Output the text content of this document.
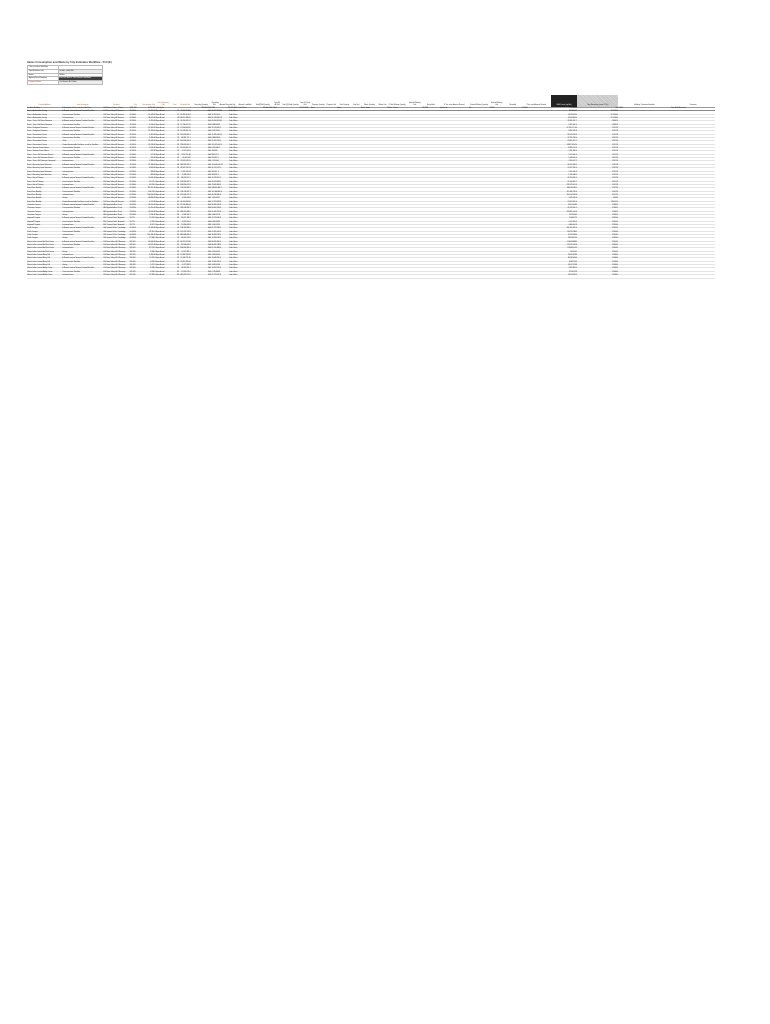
Hazus Consumption and Waste by City Estimates Workflow - Poll (E)
Click to resize Workflow	
Specifications only	Jiu adt - sumi Erik
Name	Willow
Agency/Firm/Company	Fin Pack Hazus: Pile Hamner Stall Area
Program Name	Cre Heure: Arr Dzhlar
Division Address	Item Description	Facilities	City	Consumption Unit	Price Reporting Unit	Total	Recycled Unit	Recycling Quantity	Recycling Unit	Amount Recycled (kg)	Amount Landfilled	Total(P) All Quantity	Total (K) All Unit	Total (G) Fluid Quantity	Total (T) Fluid Unit	Program Quantity	Program Unit	Fuel Quantity	Fuel Unit	Waste Quantity	Waste Unit	If Total Waiting Quantity	Entered Waiting Unit	Recyclable	If Yes, enter Amount Reused	Entered Waiting Quantity	Entered Waiting Unit	Reusable	If Yes, total Amount Reused	GHG Factor (kg/Unit)	Total Emissions (tonne CO2e)	Building / Operation Identifier	Comment
Facilities Building	A description of the costs described here	1505 Hazus Street - Clinton	0231-356	41150.908	Quantity A		1	225,050.0000	kWh	225,060.0000	Cubic Meter	225,060.0000	Cubic		72,000.0526	Area		Area		Metric Tonne		500 La - Tonne		97,0000	Light leval	No	10000		47,0000	US Gallon	No	10000	Total GHG Emissions
Basin - Ambassador County	A Remote various Nausea Provided Facilities	109 Buzz Valley Hill Vermont	62,908.4	15,452.18	Epos Actual	18	25,905.64 869	kWh	28,152.63 400	Cubic Meter																				98,284,802	22.3 3866		
Basin - Ambassador County	Cross-sectional Facilities	109 Buzz Valley Hill Vermont	62,908.4	16,345.86	Epos Actual	13	32,452.80 407	kWh	32,763.60 5	Cubic Meter																				93,295,4824	22.3 3866		
Basin - Ambassador County	Lakewood area	109 Buzz Valley Hill Vermont	62,908.4	38,870.38	Epos Actual	18	109,612,380 00	kWh	81,078,836 19	Cubic Meter																				93,095,4824	22.3 3866		
Basin - Tusia, Old Rivers Nazarene	A Remote various Nausea Provided Facilities	109 Buzz Valley Hill Vermont	62,908.4	9,499.48	Epos Actual	16	26,154,922 07	kWh	28,434,813 04	Cubic Meter																				28,811,492 7	28,6823		
Basin - Tusia, Old Rivers Nazarene	Cross-sectional Facilities	109 Buzz Valley Hill Vermont	62,908.4	6,234.06	Epos Actual	18	17,736,427 16	kWh	8,888,680 8	Cubic Meter																				8,161,460 4	28,6823		
Basin - Prodigious Nazarene	A Remote various Nausea Provided Facilities	109 Buzz Valley Hill Vermont	62,908.4	13,092.89	Epos Actual	18	17,658,604 95	kWh	11,513,098 2	Cubic Meter																				22,299,177 00	22,6728		
Basin - Prodigious Nazarene	Cross-sectional Facilities	109 Buzz Valley Hill Vermont	62,908.4	12,394.06	Epos Actual	18	29,245,805 13	kWh	3,905,994 0	Cubic Meter																				9,851,935 8	22,6728		
Basin - Recreational Centre	A Remote various Nausea Provided Facilities	109 Buzz Valley Hill Vermont	62,908.4	9,499.48	Epos Actual	18	199,639,804 1	kWh	71,385,048 52	Cubic Meter																				56,225,234 3	22,6728		
Basin - Recreational Centre	Cross-sectional Facilities	109 Buzz Valley Hill Vermont	62,908.4	3,498.48	Epos Actual	18	98,885,771 1	kWh	8,888,680 8	Cubic Meter																				22,295,218 0	22,6728		
Basin - Recreational Centre	Other	109 Buzz Valley Hill Vermont	62,908.4	69,584.48	Epos Actual	38	163,699,098 9	kWh	91,872,928 0	Cubic Meter																				79,891,261 7	22,6728		
Basin - Recreational Centre	Product Accountable Facilities, as well as Facilities	109 Buzz Valley Hill Vermont	62,908.4	13,938.48	Epos Actual	38	298,630,990 1	kWh	112,470,043 0	Cubic Meter																				388,179,1424	22,6728		
Basin - Summer Power House	Cross-sectional Facilities	109 Buzz Valley Hill Vermont	62,908.4	5,096.48	Epos Actual	37	37,629,809 12	kWh	8,315,680 9	Cubic Meter																				13,899,112 4	22,6728		
Basin - Summer Power House	Cross-sectional Facilities	109 Buzz Valley Hill Vermont	62,908.4	897.88	Epos Actual	18	9,571,623 8	kWh	798,096	Cubic Meter																				2,751,998 3	22,6728		
Basin - Tusia, Old Protestant Service	A Remote various Nausea Provided Facilities	109 Buzz Valley Hill Vermont	62,908.4	577.88	Epos Actual	18	7,857,220 88	kWh	868,072 1	Cubic Meter																				1,257,000 9	22,6728		
Basin - Tusia, Old Protestant Service	Cross-sectional Facilities	109 Buzz Valley Hill Vermont	62,908.4	299.88	Epos Actual	18	96,009,902	kWh	260,892 1	Cubic Meter																				1,440,015 0	22,6728		
Basin - Tusia, Old Protestant Lakewood	Lakewood area	109 Buzz Valley Hill Vermont	62,908.4	2,386.84	Epos Actual	18	27,629,978 19	kWh	2,213,690	Cubic Meter																				1,359,017 2	22,6728		
Basin - Macauley, Lyme Nazarene	A Remote various Nausea Provided Facilities	109 Buzz Valley Hill Vermont	62,908.4	97,188.48	Epos Actual	38	883,953,376 3	kWh	119,645,040 28	Cubic Meter																				35,415,948 9	22,6728		
Basin - Macauley, Lyme Nazarene	Cross-sectional Facilities	109 Buzz Valley Hill Vermont	62,908.4	8,689.48	Epos Actual	38	33,627,976 13	kWh	31,147,097 4	Cubic Meter																				24,117,760 4	22,6728		
Basin - Macauley, Lyme Nazarene	Lakewood area	109 Buzz Valley Hill Vermont	62,908.4	389.88	Epos Actual	17	7,937,939 18	kWh	309,117 4	Cubic Meter																				2,151,960 3	22,6728		
Basin - Macauley, Lyme Nazarene	Library	109 Buzz Valley Hill Vermont	62,908.4	899.88	Epos Actual	18	5,568,999 6	kWh	368,876 1	Cubic Meter																				1,299,048 2	22,6728		
Basin - Bay of Peloney	A Remote various Nausea Provided Facilities	109 Buzz Valley Hill Vermont	62,908.4	10,096.48	Epos Actual	38	98,679,912 1	kWh	11,278,691 5	Cubic Meter																				32,294,940 5	22,6728		
Basin - Bay of Peloney	Cross-sectional Facilities	109 Buzz Valley Hill Vermont	62,908.4	51,176.4	Epos Actual	18	168,285,667 3	kWh	58,013,808 5	Cubic Meter																				21,026,452 1	22,6728		
Basin - Bay of Peloney	Lakewood area	109 Buzz Valley Hill Vermont	62,908.4	69,226.8	Epos Actual	38	188,826,075 6	kWh	73,009,868 3	Cubic Meter																				232,975,091 9	22,6728		
Basin River Monthly	A Remote various Nausea Provided Facilities	109 Buzz Valley Hill Vermont	62,908.4	118,374.48	Epos Actual	38	118,003,985 4	kWh	338,600,866 1	Cubic Meter																				880,194,9812	22,6728		
Basin River Monthly	Cross-sectional Facilities	109 Buzz Valley Hill Vermont	62,908.4	108,709.8	Epos Actual	18	118,703,687 3	kWh	119,168,860 8	Cubic Meter																				112,989,178 6	22,6728		
Basin River Monthly	Lakewood area	109 Buzz Valley Hill Vermont	62,908.4	136,958.48	Epos Actual	38	189,003,072 4	kWh	49,738,860 0	Cubic Meter																				116,914,918 8	22,6728		
Basin River Monthly	Library	109 Buzz Valley Hill Vermont	62,908.4	48,888.48	Epos Actual	18	3,958,008 6	kWh	1,629,963 7	Cubic Meter																				3,145,049 8	2,8983		
Basin River Monthly	Product Accountable Facilities, as well as Facilities	109 Buzz Valley Hill Vermont	62,908.4	4,270.48	Epos Actual	38	30,990,834 08	kWh	12,923,893 8	Cubic Meter																				70,959,810 6	380,5524		
Clearview Campus	A Remote various Nausea Provided Facilities	880 Hyperbola Ave / Scott	58,958.4	24,009.46	Epos Actual	38	97,936,380 09	kWh	36,489,090 8	Cubic Meter																				34,917,4489	22,8829		
Clearview Campus	Cross-sectional Facilities	880 Hyperbola Ave / Scott	58,958.4	10,216.48	Epos Actual	38	188,903,898 1	kWh	80,409,096 8	Cubic Meter																				49,159,090 5	22,8829		
Clearview Campus	Lakewood area	880 Hyperbola Ave / Scott	58,958.4	29,908.48	Epos Actual	38	888,019,888 0	kWh	99,432,576 8	Cubic Meter																				100,891,414 6	22,8829		
Clearview Campus	Library	880 Hyperbola Ave / Scott	58,958.4	2,246.48	Epos Actual	38	5,989,908 7	kWh	3,480,027 6	Cubic Meter																				1,979,9649	22,8829		
Hopewell Campus	A Remote various Nausea Provided Facilities	800 Thomas Road / Hopewell	58,779	17,022.8	Epos Actual	38	33,872,788 7	kWh	12,373,080 8	Cubic Meter																				2,098,4722	22,8346		
Hopewell Campus	Cross-sectional Facilities	800 Thomas Road / Hopewell	58,779	2,399.8	Epos Actual	38	9,879,090 6	kWh	8,850,088 6	Cubic Meter																				1,227,483 0	22,8346		
Hopewell Campus	Lakewood area	800 Thomas Road / Hopewell	58,779	6,517.8	Epos Actual	38	21,898,098 8	kWh	1,956,933 4	Cubic Meter																				4,486,094 8	22,8346		
South Campus	A Remote various Nausea Provided Facilities	900 Summit St Ste, Cambridge	60,908.4	99,344.48	Epos Actual	18	158,081,886 4	kWh	65,722,088 5	Cubic Meter																				104,121,629 6	22,8346		
South Campus	Cross-sectional Facilities	900 Summit St Ste, Cambridge	60,908.4	89,112.8	Epos Actual	18	191,767,942 8	kWh	45,929,044 0	Cubic Meter																				133,767,9845	22,8346		
South Campus	Lakewood area	900 Summit St Ste, Cambridge	60,908.4	146,788.48	Epos Actual	38	889,688,889 4	kWh	36,683,789 4	Cubic Meter																				97,297,4890	22,8346		
South Campus	Library	900 Summit St Ste, Cambridge	60,908.4	27,588.8	Epos Actual	18	39,610,274 0	kWh	13,930,908 4	Cubic Meter																				38,136,0223	22,8346		
Martin Luther Lecture/Hall Kirk Center	A Remote various Nausea Provided Facilities	109 Buzz Valley Hill / Marzerey	582,081	66,082.48	Epos Actual	38	66,219,972 86	kWh	88,925,890 4	Cubic Meter																				116,350,8882	22,8469		
Martin Luther Lecture/Hall Kirk Center	Cross-sectional Facilities	109 Buzz Valley Hill / Marzerey	582,081	49,971.48	Epos Actual	38	89,908,068 2	kWh	88,445,788 8	Cubic Meter																				125,767,4418	22,8469		
Martin Luther Lecture/Hall Kirk Center	Lakewood area	109 Buzz Valley Hill / Marzerey	582,081	87,176.8	Epos Actual	38	188,694,889 4	kWh	62,210,888 4	Cubic Meter																				116,489,1493	22,8469		
Martin Luther Lecture/Hall Kirk Center	Library	109 Buzz Valley Hill / Marzerey	582,081	2,966.8	Epos Actual	38	11,577,886 7	kWh	4,944,099 6	Cubic Meter																				765,2909	22,8469		
Martin Luther Lecture/Mercy Hill	Lakewood area	109 Buzz Valley Hill / Marzerey	582,081	3,498.48	Epos Actual	38	12,868,378 66	kWh	3,989,806 6	Cubic Meter																				99,091,8188	22,6869		
Martin Luther Lecture/Mercy Hill	A Remote various Nausea Provided Facilities	109 Buzz Valley Hill / Marzerey	582,081	11,022.8	Epos Actual	38	11,588,779 82	kWh	11,088,876 0	Cubic Meter																				89,987,6466	22,6869		
Martin Luther Lecture/Mercy Hill	Cross-sectional Facilities	109 Buzz Valley Hill / Marzerey	582,081	5,996.8	Epos Actual	38	29,819,782 66	kWh	17,089,920 0	Cubic Meter																				8,062,7999	22,6869		
Martin Luther Lecture/Mercy Hill	Library	109 Buzz Valley Hill / Marzerey	582,081	1,227.8	Epos Actual	38	9,277,888 3	kWh	3,082,098 6	Cubic Meter																				28,157,7188	22,6869		
Martin Luther Lecture/Ability Centre	A Remote various Nausea Provided Facilities	109 Buzz Valley Hill / Marzerey	582,081	3,286.8	Epos Actual	38	18,097,891 8	kWh	18,524,239 8	Cubic Meter																				5,399,863 0	22,6869		
Martin Luther Lecture/Ability Centre	Cross-sectional Facilities	109 Buzz Valley Hill / Marzerey	582,081	4,096.8	Epos Actual	38	17,631,678 2	kWh	2,739,888 8	Cubic Meter																				3,220,1228	22,6869		
Martin Luther Lecture/Ability Centre	Lakewood area	109 Buzz Valley Hill / Marzerey	582,081	13,388.8	Epos Actual	38	889,821,970 6	kWh	62,213,697 8	Cubic Meter																				28,159,8119	22,6869		
